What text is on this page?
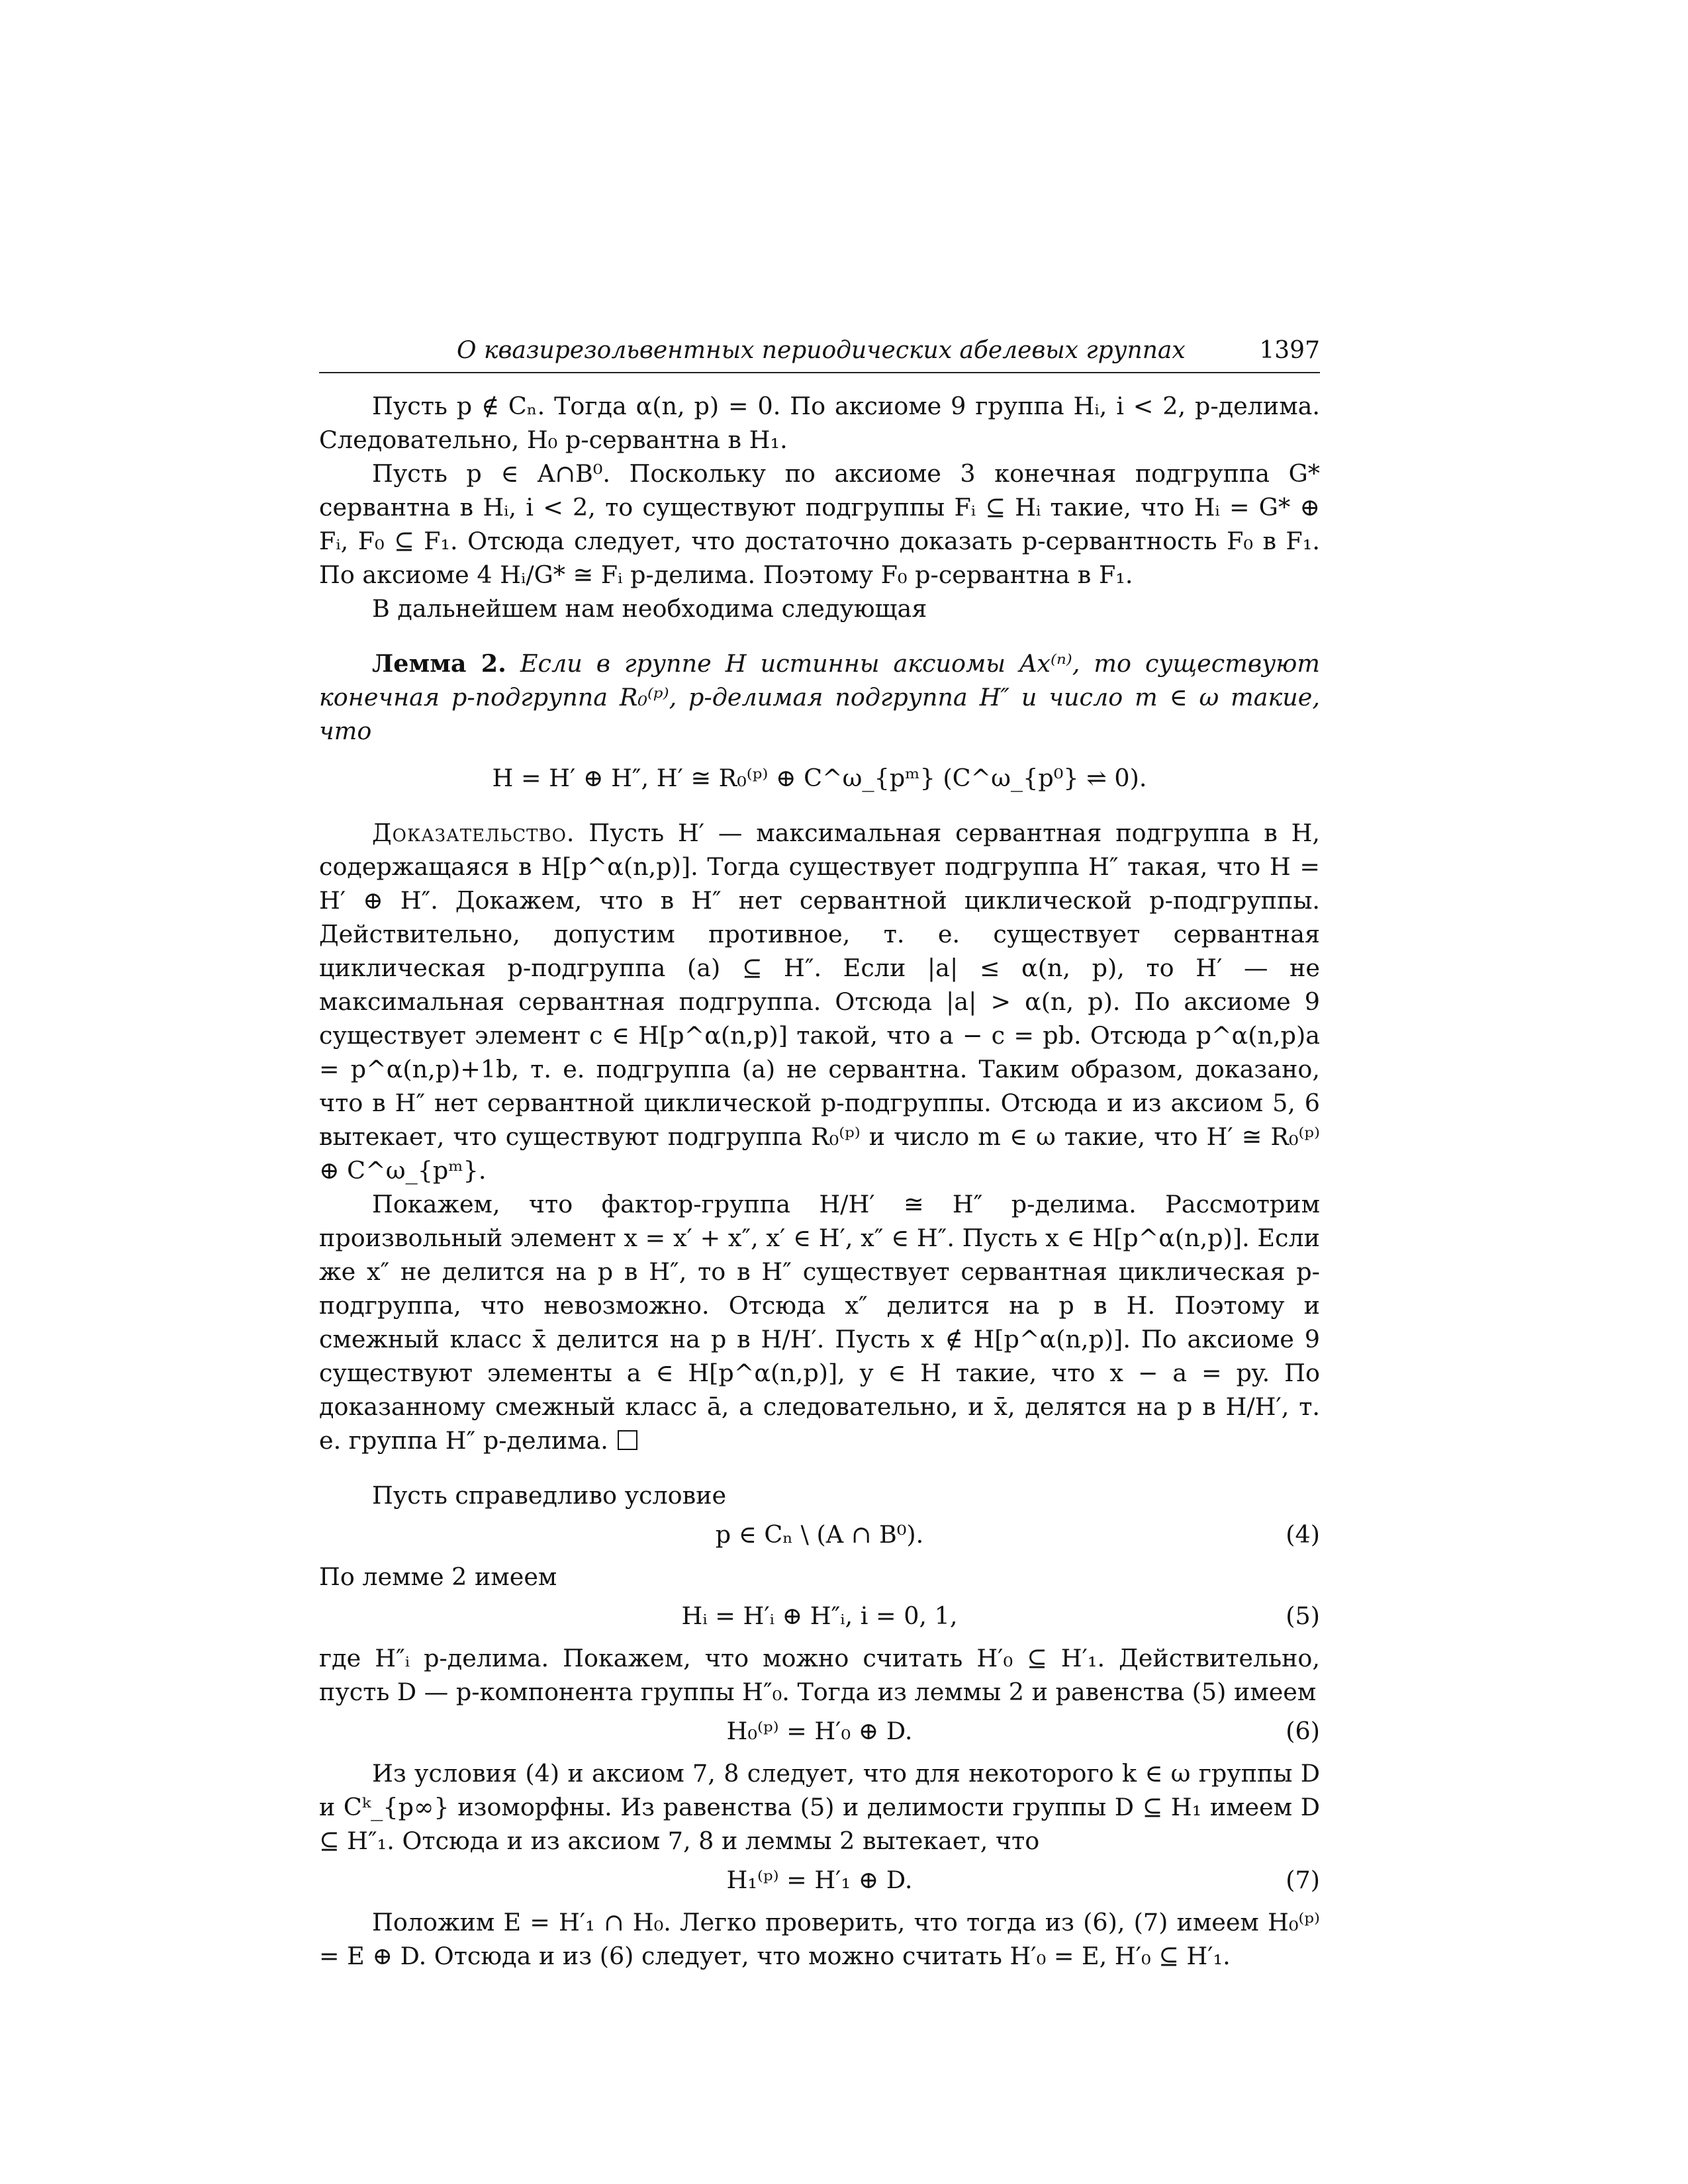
О квазирезольвентных периодических абелевых группах	1397

Пусть p ∉ Cₙ. Тогда α(n, p) = 0. По аксиоме 9 группа Hᵢ, i < 2, p-делима. Следовательно, H₀ p-сервантна в H₁.

Пусть p ∈ A∩B⁰. Поскольку по аксиоме 3 конечная подгруппа G* сервантна в Hᵢ, i < 2, то существуют подгруппы Fᵢ ⊆ Hᵢ такие, что Hᵢ = G* ⊕ Fᵢ, F₀ ⊆ F₁. Отсюда следует, что достаточно доказать p-сервантность F₀ в F₁. По аксиоме 4 Hᵢ/G* ≅ Fᵢ p-делима. Поэтому F₀ p-сервантна в F₁.

В дальнейшем нам необходима следующая

Лемма 2. Если в группе H истинны аксиомы Ax⁽ⁿ⁾, то существуют конечная p-подгруппа R₀⁽ᵖ⁾, p-делимая подгруппа H″ и число m ∈ ω такие, что

H = H′ ⊕ H″, H′ ≅ R₀⁽ᵖ⁾ ⊕ C^ω_{pᵐ} (C^ω_{p⁰} ⇌ 0).

Доказательство. Пусть H′ — максимальная сервантная подгруппа в H, содержащаяся в H[p^α(n,p)]. Тогда существует подгруппа H″ такая, что H = H′ ⊕ H″. Докажем, что в H″ нет сервантной циклической p-подгруппы. Действительно, допустим противное, т. е. существует сервантная циклическая p-подгруппа (a) ⊆ H″. Если |a| ≤ α(n, p), то H′ — не максимальная сервантная подгруппа. Отсюда |a| > α(n, p). По аксиоме 9 существует элемент c ∈ H[p^α(n,p)] такой, что a − c = pb. Отсюда p^α(n,p)a = p^α(n,p)+1b, т. е. подгруппа (a) не сервантна. Таким образом, доказано, что в H″ нет сервантной циклической p-подгруппы. Отсюда и из аксиом 5, 6 вытекает, что существуют подгруппа R₀⁽ᵖ⁾ и число m ∈ ω такие, что H′ ≅ R₀⁽ᵖ⁾ ⊕ C^ω_{pᵐ}.

Покажем, что фактор-группа H/H′ ≅ H″ p-делима. Рассмотрим произвольный элемент x = x′ + x″, x′ ∈ H′, x″ ∈ H″. Пусть x ∈ H[p^α(n,p)]. Если же x″ не делится на p в H″, то в H″ существует сервантная циклическая p-подгруппа, что невозможно. Отсюда x″ делится на p в H. Поэтому и смежный класс x̄ делится на p в H/H′. Пусть x ∉ H[p^α(n,p)]. По аксиоме 9 существуют элементы a ∈ H[p^α(n,p)], y ∈ H такие, что x − a = py. По доказанному смежный класс ā, а следовательно, и x̄, делятся на p в H/H′, т. е. группа H″ p-делима.

Пусть справедливо условие

p ∈ Cₙ \ (A ∩ B⁰).	(4)

По лемме 2 имеем

Hᵢ = H′ᵢ ⊕ H″ᵢ, i = 0, 1,	(5)

где H″ᵢ p-делима. Покажем, что можно считать H′₀ ⊆ H′₁. Действительно, пусть D — p-компонента группы H″₀. Тогда из леммы 2 и равенства (5) имеем

H₀⁽ᵖ⁾ = H′₀ ⊕ D.	(6)

Из условия (4) и аксиом 7, 8 следует, что для некоторого k ∈ ω группы D и Cᵏ_{p∞} изоморфны. Из равенства (5) и делимости группы D ⊆ H₁ имеем D ⊆ H″₁. Отсюда и из аксиом 7, 8 и леммы 2 вытекает, что

H₁⁽ᵖ⁾ = H′₁ ⊕ D.	(7)

Положим E = H′₁ ∩ H₀. Легко проверить, что тогда из (6), (7) имеем H₀⁽ᵖ⁾ = E ⊕ D. Отсюда и из (6) следует, что можно считать H′₀ = E, H′₀ ⊆ H′₁.
